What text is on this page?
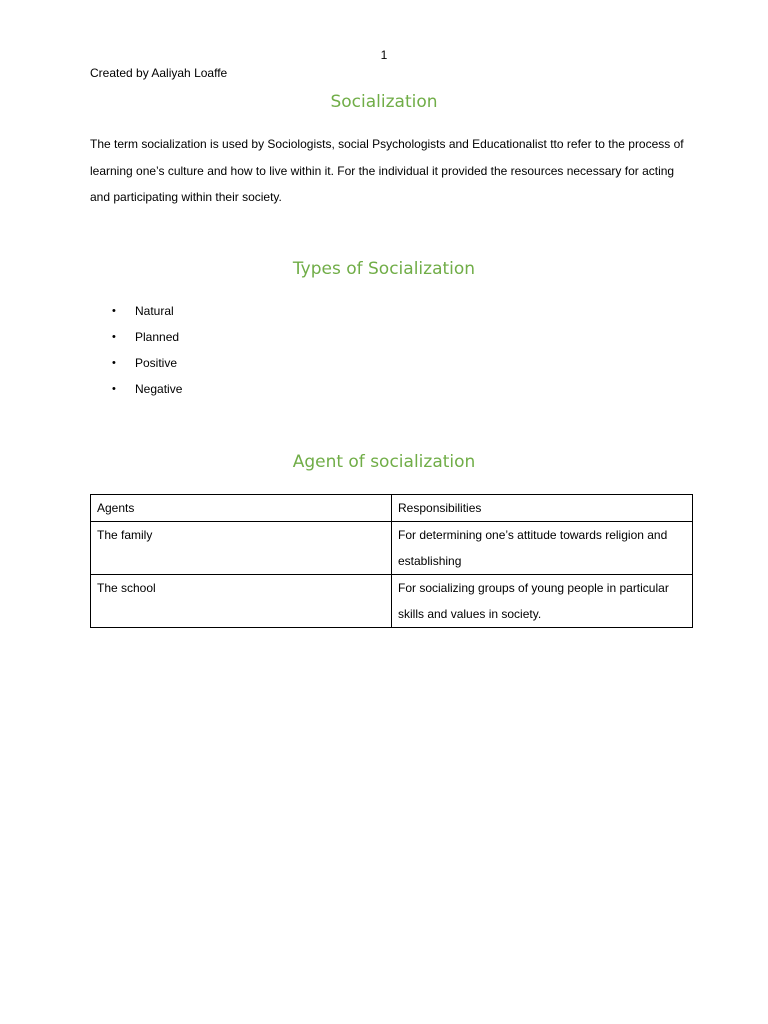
1
Created by Aaliyah Loaffe
Socialization

The term socialization is used by Sociologists, social Psychologists and Educationalist tto refer to the process of learning one’s culture and how to live within it. For the individual it provided the resources necessary for acting and participating within their society.

Types of Socialization
• Natural
• Planned
• Positive
• Negative
Agent of socialization
Agents	Responsibilities
The family	For determining one’s attitude towards religion and establishing
The school	For socializing groups of young people in particular skills and values in society.
